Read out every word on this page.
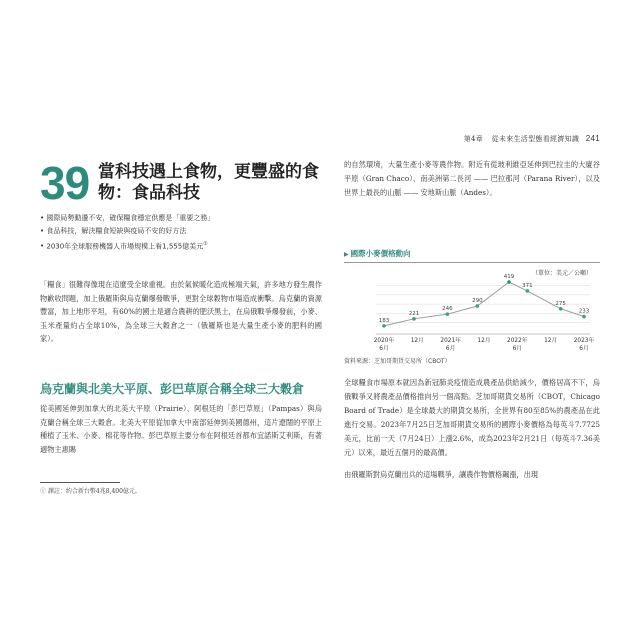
第4章 從未來生活型態看經濟知識 241
39 當科技遇上食物，更豐盛的食物：食品科技
• 國際局勢動盪不安，確保糧食穩定供應是「重要之務」
• 食品科技，解決糧食短缺與疫局不安的好方法
• 2030年全球服務機器人市場規模上看1,555億美元①
「糧食」很難得像現在這麼受全球重視。由於氣候暖化造成極端天氣，許多地方發生農作物歉收問題，加上俄羅斯與烏克蘭爆發戰爭，更對全球穀物市場造成衝擊。烏克蘭的資源豐富，加上地形平坦，有60%的國土是適合農耕的肥沃黑土，在烏俄戰爭爆發前，小麥、玉米產量約占全球10%，為全球三大穀倉之一（俄羅斯也是大量生產小麥的肥料的國家）。
烏克蘭與北美大平原、彭巴草原合稱全球三大穀倉
從美國延伸到加拿大的北美大平原（Prairie）、阿根廷的「彭巴草原」（Pampas）與烏克蘭合稱全球三大穀倉。北美大平原從加拿大中南部延伸到美國德州，這片遼闊的平原上種植了玉米、小麥、棉花等作物。彭巴草原主要分布在阿根廷首都布宜諾斯艾利斯，有著適物主惠賜
① 譯註：約合新台幣4兆8,400億元。
的自然環境，大量生產小麥等農作物。附近有從玻利維亞延伸到巴拉圭的大廈谷平原（Gran Chaco）、南美洲第二長河 —— 巴拉那河（Parana River），以及世界上最長的山脈 —— 安地斯山脈（Andes）。
▶ 國際小麥價格動向
（單位：美元／公噸）
183
221
246
290
419
371
275
233
2020年
6月
12月	2021年
6月
12月	2022年
6月
12月	2023年
6月
資料來源：芝加哥期貨交易所（CBOT）
全球糧食市場原本就因為新冠肺炎疫情造成農產品供給減少，價格居高不下，烏俄戰爭又將農產品價格推向另一個高點。芝加哥期貨交易所（CBOT，Chicago Board of Trade）是全球最大的期貨交易所，全世界有80至85%的農產品在此進行交易。2023年7月25日芝加哥期貨交易所的國際小麥價格為每英斗7.7725美元，比前一天（7月24日）上漲2.6%，成為2023年2月21日（每英斗7.36美元）以來，最近五個月的最高價。
由俄羅斯對烏克蘭出兵的這場戰爭，讓農作物價格飆漲，出現
